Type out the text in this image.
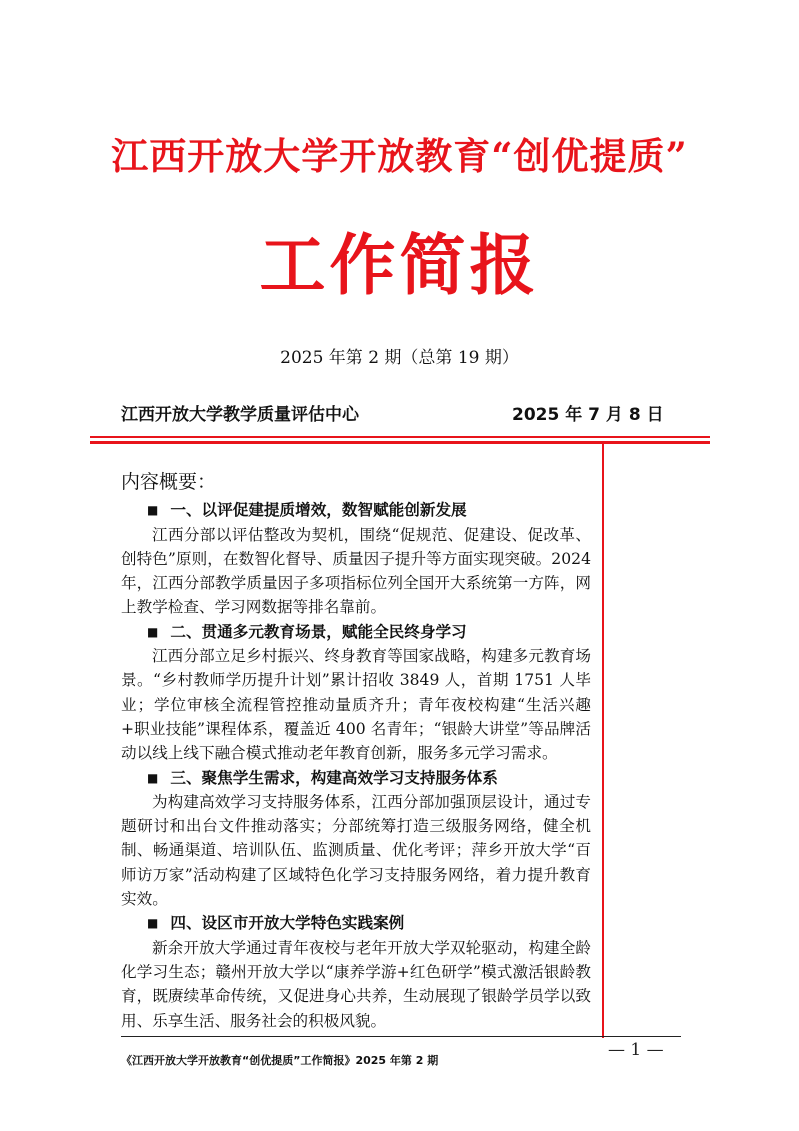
江西开放大学开放教育“创优提质”
工作简报
2025 年第 2 期（总第 19 期）
江西开放大学教学质量评估中心	2025 年 7 月 8 日
内容概要：
■ 一、以评促建提质增效，数智赋能创新发展

江西分部以评估整改为契机，围绕“促规范、促建设、促改革、创特色”原则，在数智化督导、质量因子提升等方面实现突破。2024 年，江西分部教学质量因子多项指标位列全国开大系统第一方阵，网上教学检查、学习网数据等排名靠前。

■ 二、贯通多元教育场景，赋能全民终身学习

江西分部立足乡村振兴、终身教育等国家战略，构建多元教育场景。“乡村教师学历提升计划”累计招收 3849 人，首期 1751 人毕业；学位审核全流程管控推动量质齐升；青年夜校构建“生活兴趣+职业技能”课程体系，覆盖近 400 名青年；“银龄大讲堂”等品牌活动以线上线下融合模式推动老年教育创新，服务多元学习需求。

■ 三、聚焦学生需求，构建高效学习支持服务体系

为构建高效学习支持服务体系，江西分部加强顶层设计，通过专题研讨和出台文件推动落实；分部统筹打造三级服务网络，健全机制、畅通渠道、培训队伍、监测质量、优化考评；萍乡开放大学“百师访万家”活动构建了区域特色化学习支持服务网络，着力提升教育实效。

■ 四、设区市开放大学特色实践案例

新余开放大学通过青年夜校与老年开放大学双轮驱动，构建全龄化学习生态；赣州开放大学以“康养学游+红色研学”模式激活银龄教育，既赓续革命传统，又促进身心共养，生动展现了银龄学员学以致用、乐享生活、服务社会的积极风貌。

— 1 —
《江西开放大学开放教育“创优提质”工作简报》2025 年第 2 期
